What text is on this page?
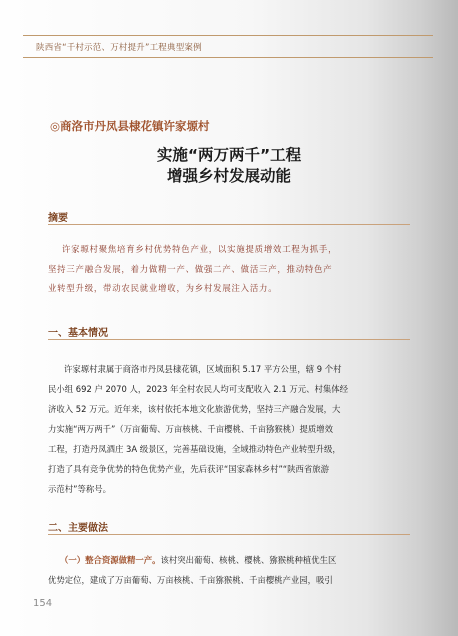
陕西省“千村示范、万村提升”工程典型案例
◎商洛市丹凤县棣花镇许家塬村
实施“两万两千”工程
增强乡村发展动能
摘要
许家塬村聚焦培育乡村优势特色产业，以实施提质增效工程为抓手，
坚持三产融合发展，着力做精一产、做强二产、做活三产，推动特色产
业转型升级，带动农民就业增收，为乡村发展注入活力。
一、基本情况
许家塬村隶属于商洛市丹凤县棣花镇，区域面积 5.17 平方公里，辖 9 个村
民小组 692 户 2070 人，2023 年全村农民人均可支配收入 2.1 万元、村集体经
济收入 52 万元。近年来，该村依托本地文化旅游优势，坚持三产融合发展，大
力实施“两万两千”（万亩葡萄、万亩核桃、千亩樱桃、千亩猕猴桃）提质增效
工程，打造丹凤酒庄 3A 级景区，完善基础设施，全域推动特色产业转型升级，
打造了具有竞争优势的特色优势产业，先后获评“国家森林乡村”“陕西省旅游
示范村”等称号。
二、主要做法
（一）整合资源做精一产。该村突出葡萄、核桃、樱桃、猕猴桃种植优生区
优势定位，建成了万亩葡萄、万亩核桃、千亩猕猴桃、千亩樱桃产业园，吸引
154
